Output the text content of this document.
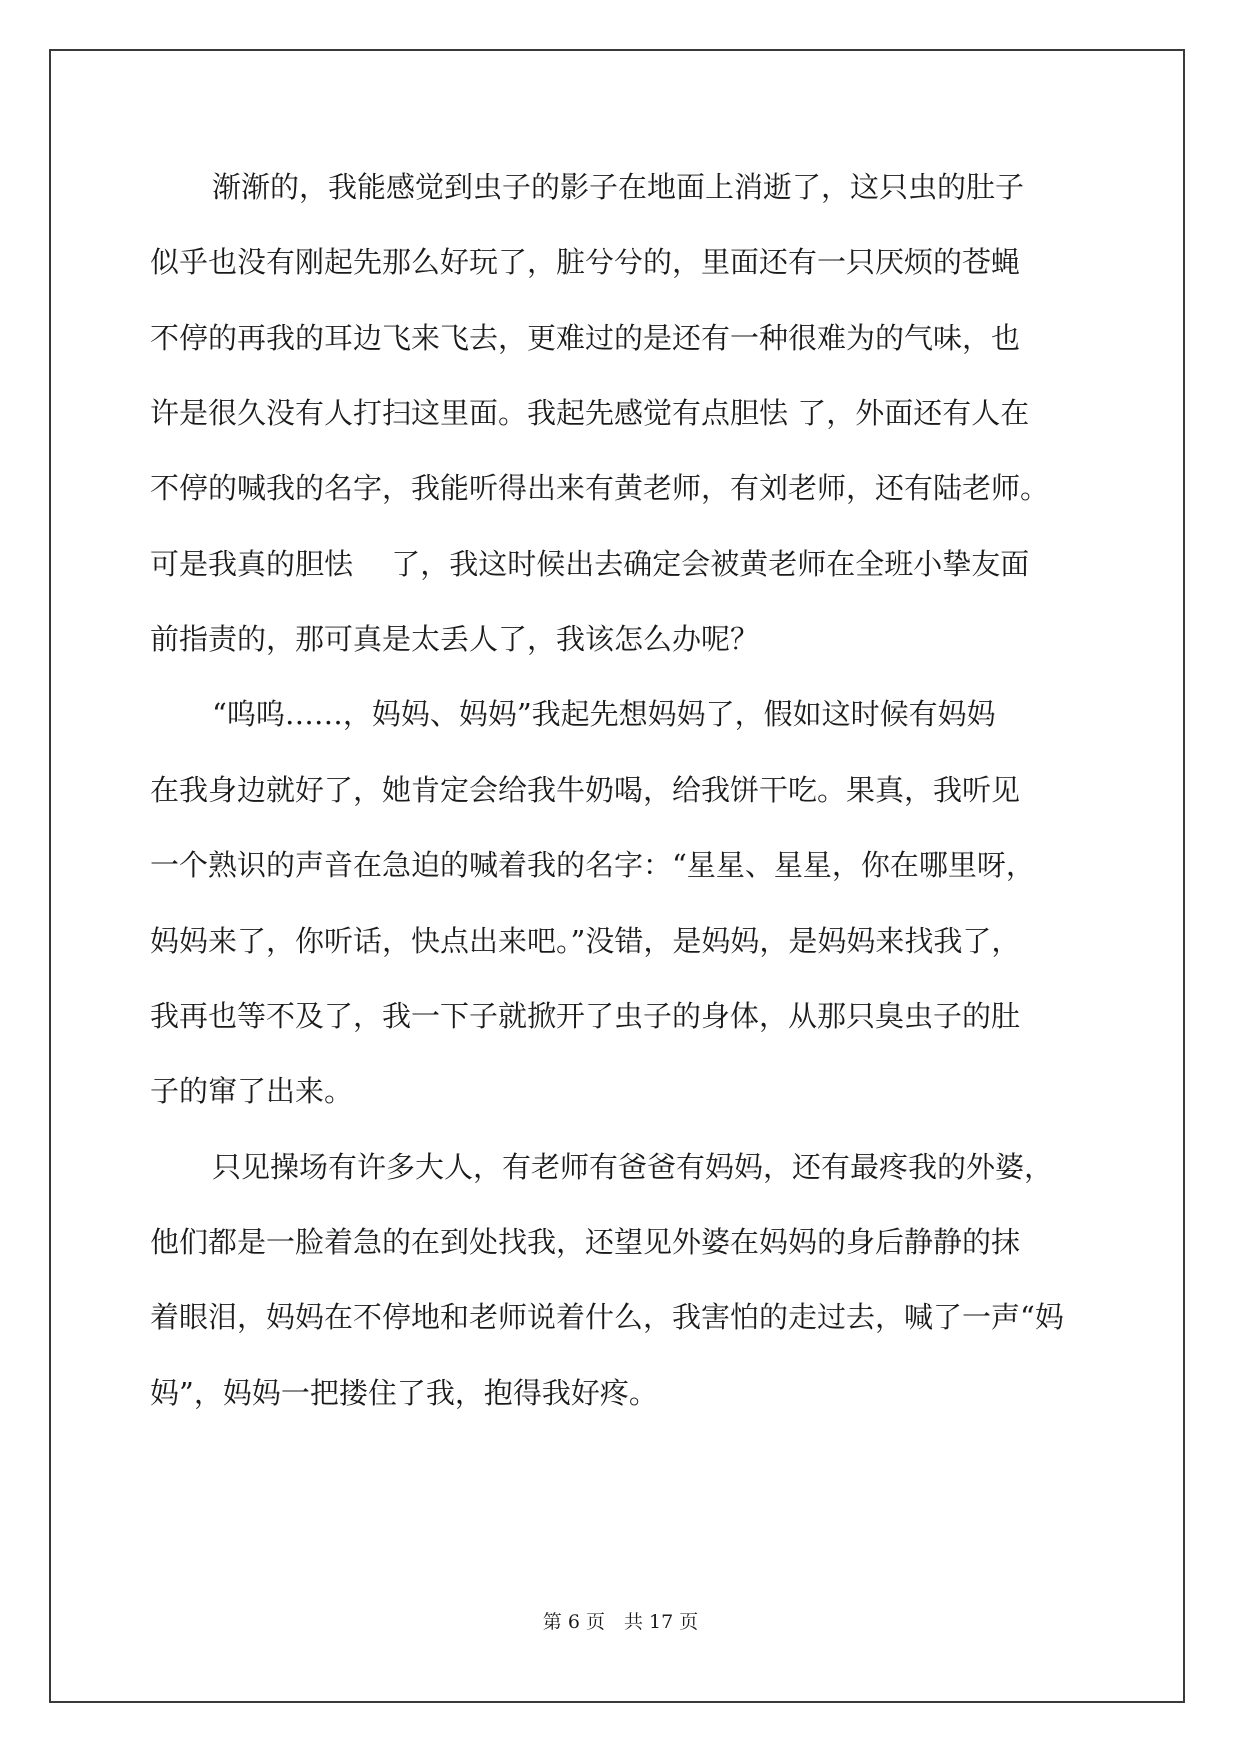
渐渐的，我能感觉到虫子的影子在地面上消逝了，这只虫的肚子
似乎也没有刚起先那么好玩了，脏兮兮的，里面还有一只厌烦的苍蝇
不停的再我的耳边飞来飞去，更难过的是还有一种很难为的气味，也
许是很久没有人打扫这里面。我起先感觉有点胆怯 了，外面还有人在
不停的喊我的名字，我能听得出来有黄老师，有刘老师，还有陆老师。
可是我真的胆怯　 了，我这时候出去确定会被黄老师在全班小挚友面
前指责的，那可真是太丢人了，我该怎么办呢？
“呜呜……，妈妈、妈妈”我起先想妈妈了，假如这时候有妈妈
在我身边就好了，她肯定会给我牛奶喝，给我饼干吃。果真，我听见
一个熟识的声音在急迫的喊着我的名字：“星星、星星，你在哪里呀，
妈妈来了，你听话，快点出来吧。”没错，是妈妈，是妈妈来找我了，
我再也等不及了，我一下子就掀开了虫子的身体，从那只臭虫子的肚
子的窜了出来。
只见操场有许多大人，有老师有爸爸有妈妈，还有最疼我的外婆，
他们都是一脸着急的在到处找我，还望见外婆在妈妈的身后静静的抹
着眼泪，妈妈在不停地和老师说着什么，我害怕的走过去，喊了一声“妈
妈”，妈妈一把搂住了我，抱得我好疼。
第 6 页　共 17 页
